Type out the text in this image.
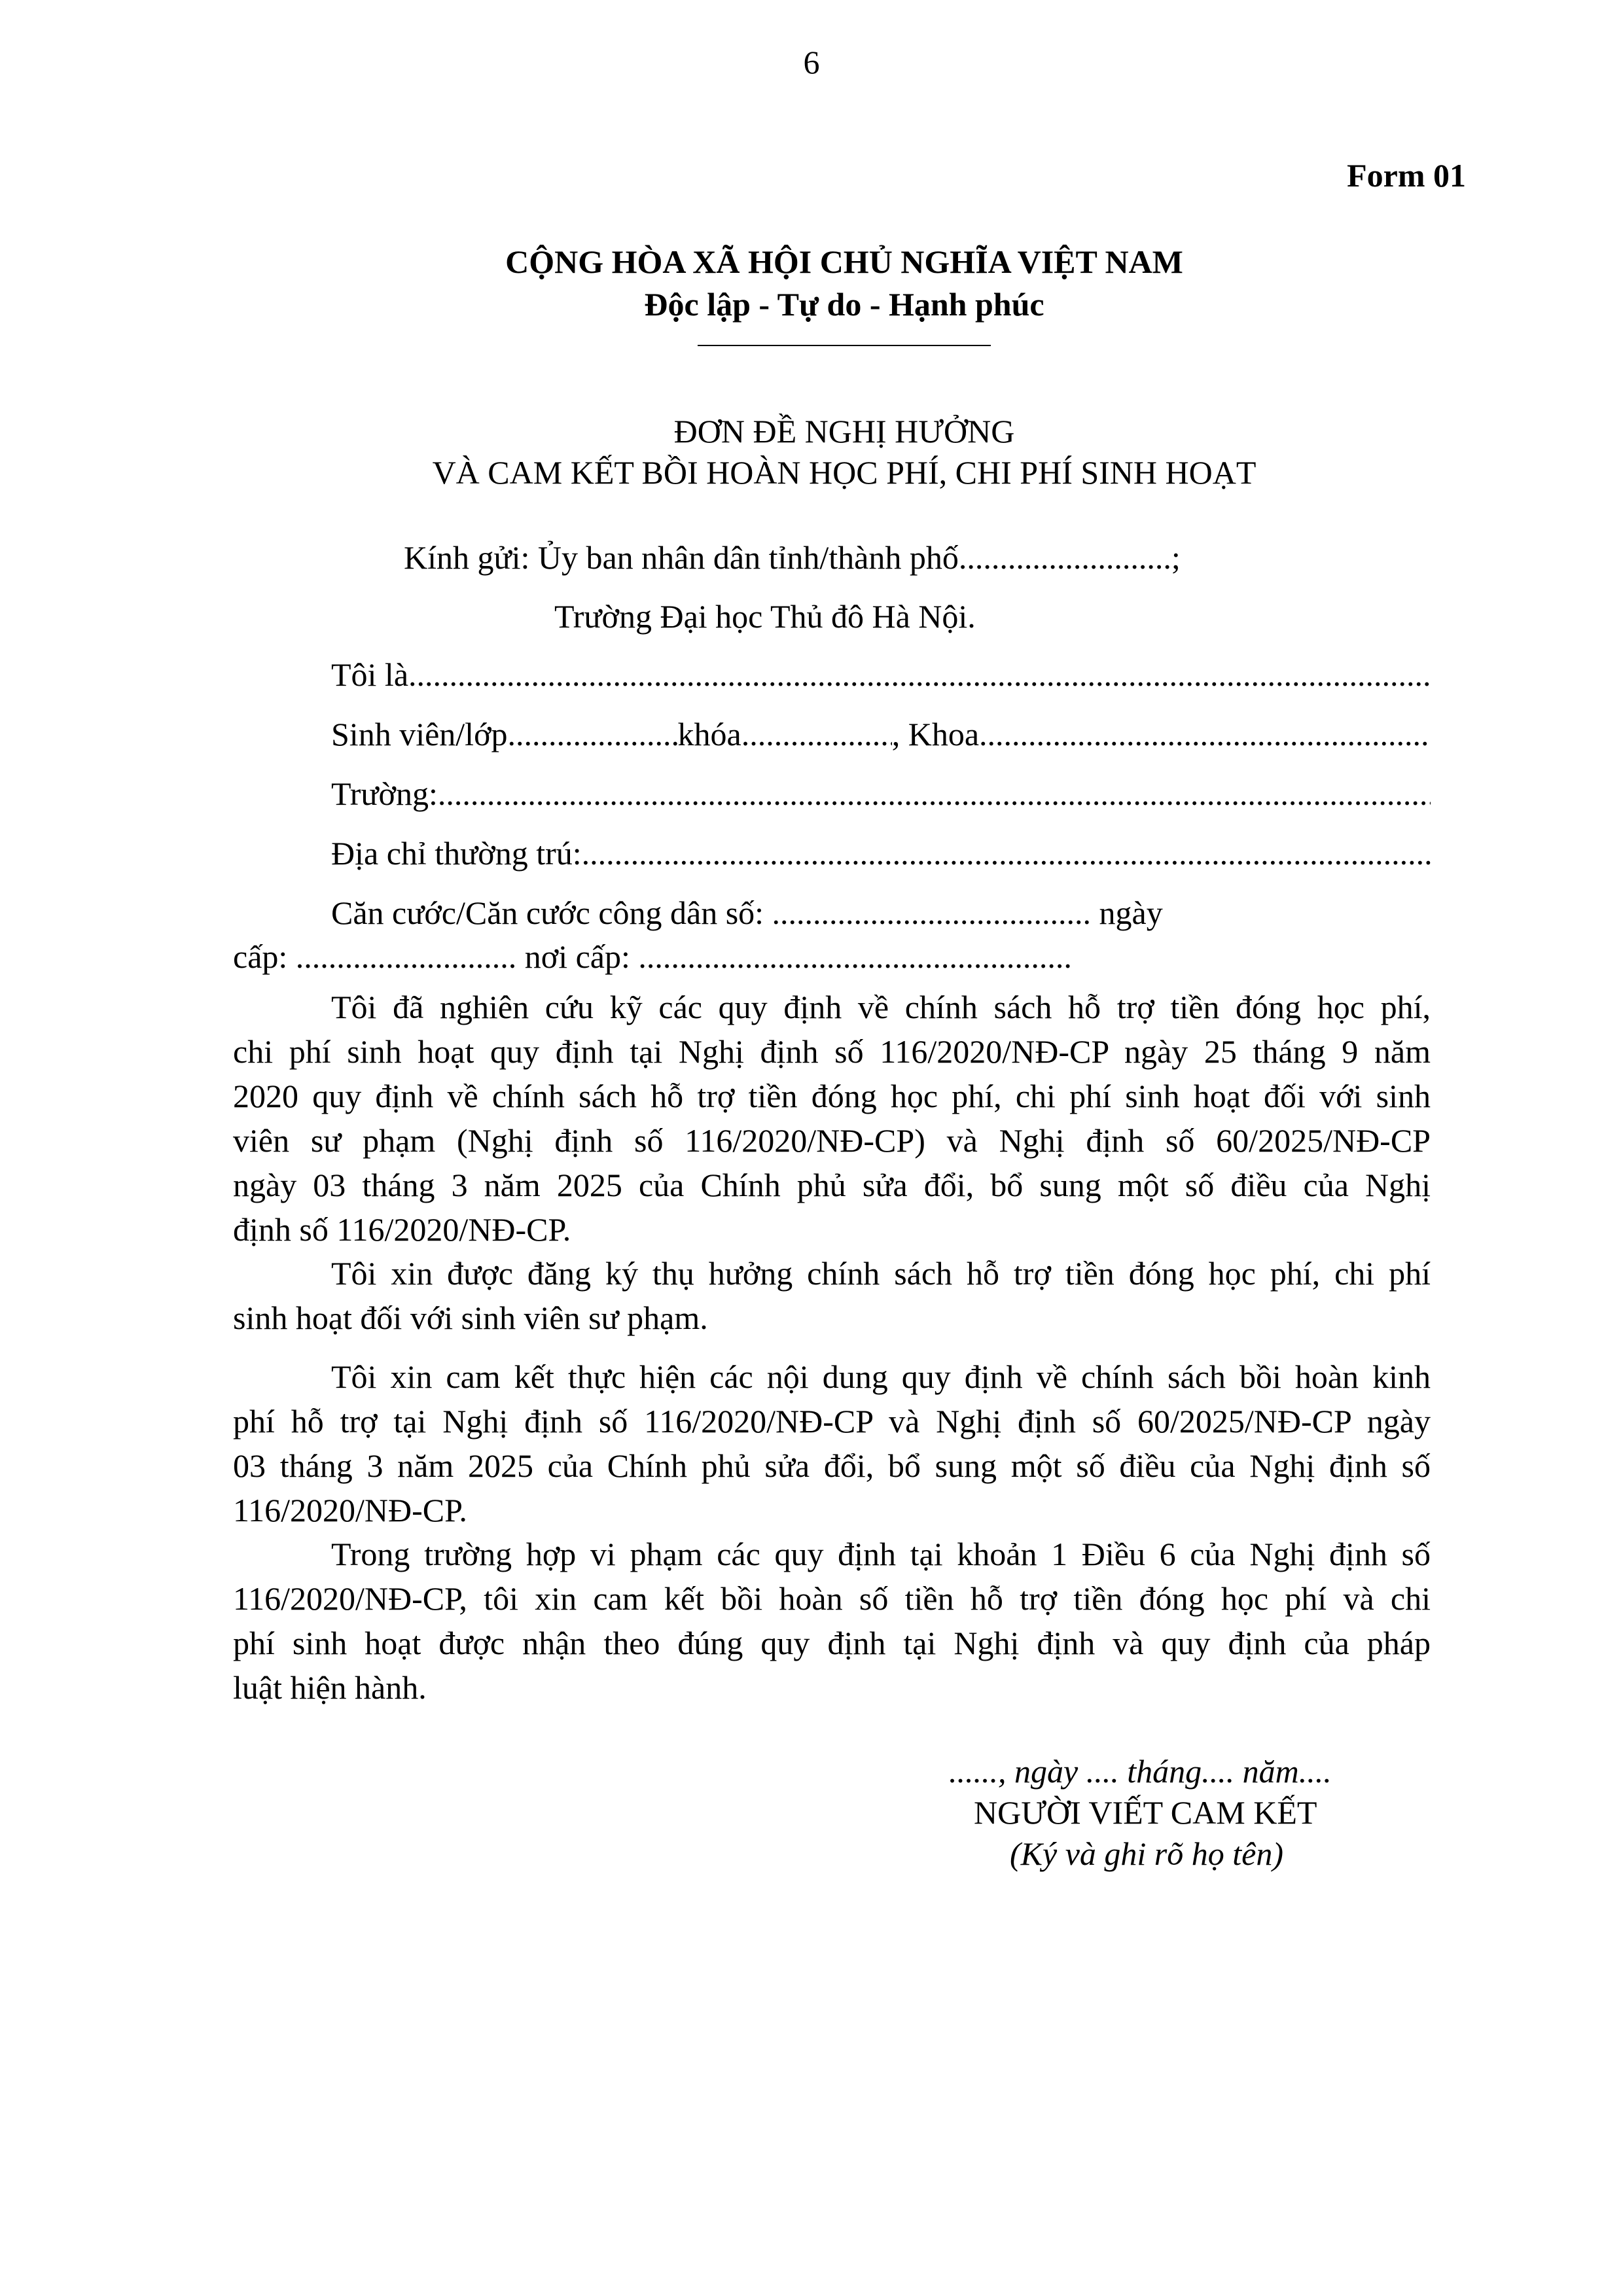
6
Form 01
CỘNG HÒA XÃ HỘI CHỦ NGHĨA VIỆT NAM
Độc lập - Tự do - Hạnh phúc
ĐƠN ĐỀ NGHỊ HƯỞNG
VÀ CAM KẾT BỒI HOÀN HỌC PHÍ, CHI PHÍ SINH HOẠT
Kính gửi: Ủy ban nhân dân tỉnh/thành phố..........................;
Trường Đại học Thủ đô Hà Nội.
Tôi là
.....
Sinh viên/lớp .....	khóa .....	, Khoa
.....
Trường:
.....
Địa chỉ thường trú:
.....
Căn cước/Căn cước công dân số: ....................................... ngày
cấp: ........................... nơi cấp: .....................................................
Tôi đã nghiên cứu kỹ các quy định về chính sách hỗ trợ tiền đóng học phí,
chi phí sinh hoạt quy định tại Nghị định số 116/2020/NĐ-CP ngày 25 tháng 9 năm
2020 quy định về chính sách hỗ trợ tiền đóng học phí, chi phí sinh hoạt đối với sinh
viên sư phạm (Nghị định số 116/2020/NĐ-CP) và Nghị định số 60/2025/NĐ-CP
ngày 03 tháng 3 năm 2025 của Chính phủ sửa đổi, bổ sung một số điều của Nghị
định số 116/2020/NĐ-CP.
Tôi xin được đăng ký thụ hưởng chính sách hỗ trợ tiền đóng học phí, chi phí
sinh hoạt đối với sinh viên sư phạm.
Tôi xin cam kết thực hiện các nội dung quy định về chính sách bồi hoàn kinh
phí hỗ trợ tại Nghị định số 116/2020/NĐ-CP và Nghị định số 60/2025/NĐ-CP ngày
03 tháng 3 năm 2025 của Chính phủ sửa đổi, bổ sung một số điều của Nghị định số
116/2020/NĐ-CP.
Trong trường hợp vi phạm các quy định tại khoản 1 Điều 6 của Nghị định số
116/2020/NĐ-CP, tôi xin cam kết bồi hoàn số tiền hỗ trợ tiền đóng học phí và chi
phí sinh hoạt được nhận theo đúng quy định tại Nghị định và quy định của pháp
luật hiện hành.
......, ngày .... tháng.... năm....
NGƯỜI VIẾT CAM KẾT
(Ký và ghi rõ họ tên)
